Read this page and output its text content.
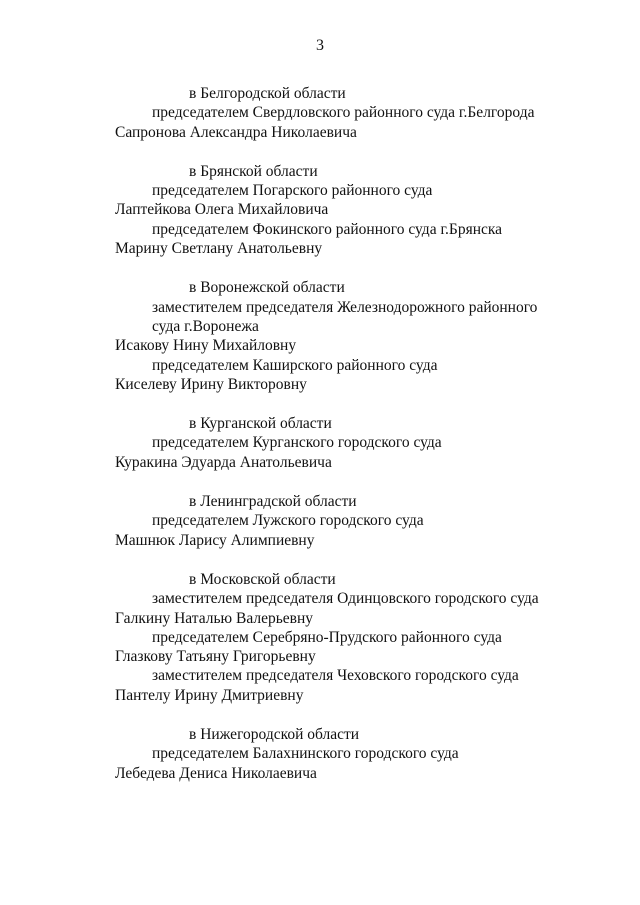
3
в Белгородской области
председателем Свердловского районного суда г.Белгорода
Сапронова Александра Николаевича
в Брянской области
председателем Погарского районного суда
Лаптейкова Олега Михайловича
председателем Фокинского районного суда г.Брянска
Марину Светлану Анатольевну
в Воронежской области
заместителем председателя Железнодорожного районного
суда г.Воронежа
Исакову Нину Михайловну
председателем Каширского районного суда
Киселеву Ирину Викторовну
в Курганской области
председателем Курганского городского суда
Куракина Эдуарда Анатольевича
в Ленинградской области
председателем Лужского городского суда
Машнюк Ларису Алимпиевну
в Московской области
заместителем председателя Одинцовского городского суда
Галкину Наталью Валерьевну
председателем Серебряно-Прудского районного суда
Глазкову Татьяну Григорьевну
заместителем председателя Чеховского городского суда
Пантелу Ирину Дмитриевну
в Нижегородской области
председателем Балахнинского городского суда
Лебедева Дениса Николаевича
